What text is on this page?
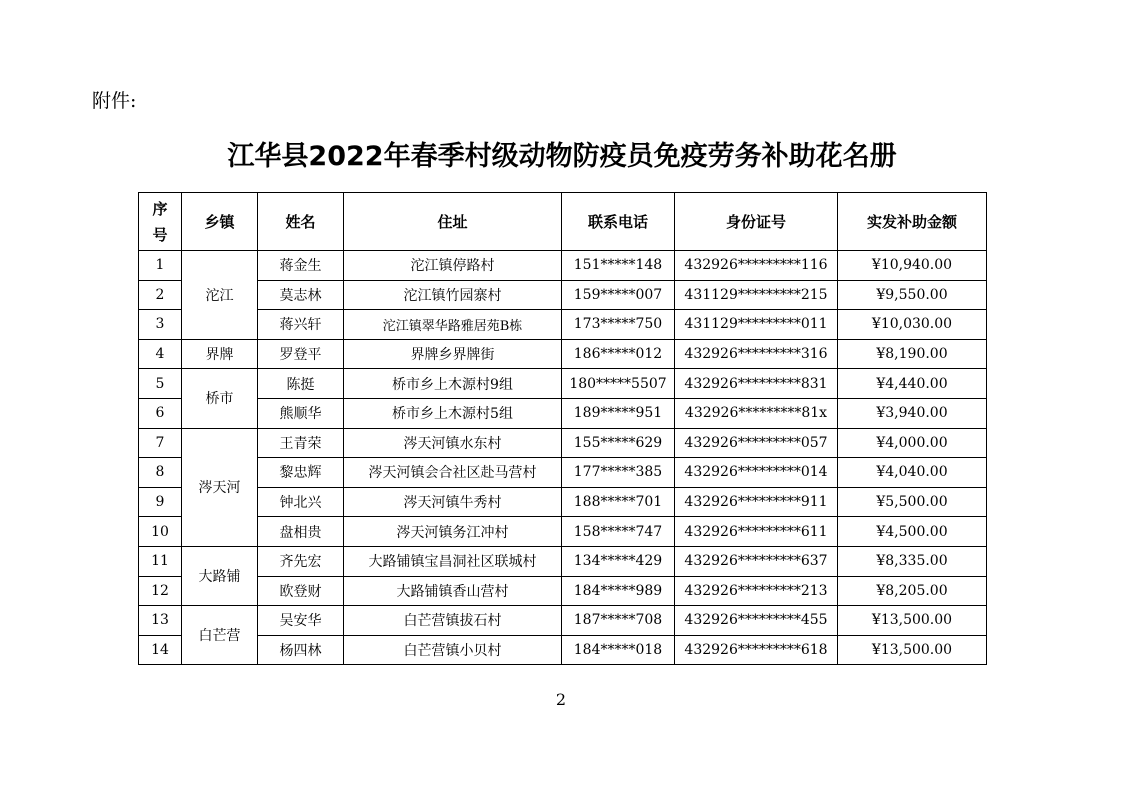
附件:
江华县2022年春季村级动物防疫员免疫劳务补助花名册
序
号	乡镇	姓名	住址	联系电话	身份证号	实发补助金额
1	沱江	蒋金生	沱江镇停路村	151*****148	432926*********116	¥10,940.00
2		莫志林	沱江镇竹园寨村	159*****007	431129*********215	¥9,550.00
3		蒋兴轩	沱江镇翠华路雅居苑B栋	173*****750	431129*********011	¥10,030.00
4	界牌	罗登平	界牌乡界牌街	186*****012	432926*********316	¥8,190.00
5	桥市	陈挺	桥市乡上木源村9组	180*****5507	432926*********831	¥4,440.00
6		熊顺华	桥市乡上木源村5组	189*****951	432926*********81x	¥3,940.00
7	涔天河	王青荣	涔天河镇水东村	155*****629	432926*********057	¥4,000.00
8		黎忠辉	涔天河镇会合社区赴马营村	177*****385	432926*********014	¥4,040.00
9		钟北兴	涔天河镇牛秀村	188*****701	432926*********911	¥5,500.00
10		盘相贵	涔天河镇务江冲村	158*****747	432926*********611	¥4,500.00
11	大路铺	齐先宏	大路铺镇宝昌洞社区联城村	134*****429	432926*********637	¥8,335.00
12		欧登财	大路铺镇香山营村	184*****989	432926*********213	¥8,205.00
13	白芒营	吴安华	白芒营镇拔石村	187*****708	432926*********455	¥13,500.00
14		杨四林	白芒营镇小贝村	184*****018	432926*********618	¥13,500.00
2
